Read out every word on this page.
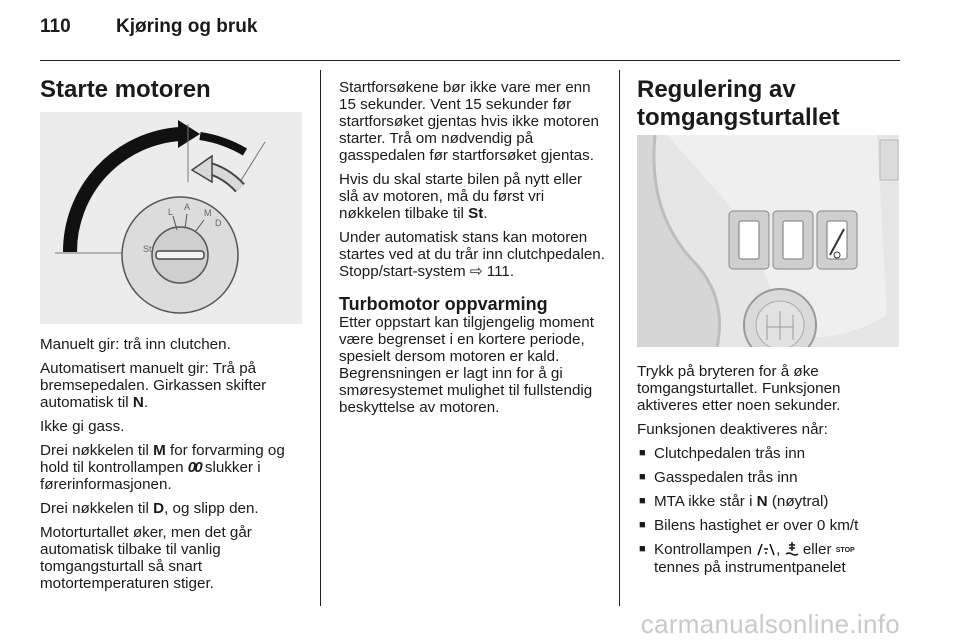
110 Kjøring og bruk
Starte motoren
L A
M
D
St

Manuelt gir: trå inn clutchen.

Automatisert manuelt gir: Trå på bremsepedalen. Girkassen skifter automatisk til N.

Ikke gi gass.

Drei nøkkelen til M for forvarming og hold til kontrollampen 00 slukker i førerinformasjonen.

Drei nøkkelen til D, og slipp den.

Motorturtallet øker, men det går automatisk tilbake til vanlig tomgangsturtall så snart motortemperaturen stiger.

Startforsøkene bør ikke vare mer enn 15 sekunder. Vent 15 sekunder før startforsøket gjentas hvis ikke motoren starter. Trå om nødvendig på gasspedalen før startforsøket gjentas.

Hvis du skal starte bilen på nytt eller slå av motoren, må du først vri nøkkelen tilbake til St.

Under automatisk stans kan motoren startes ved at du trår inn clutchpedalen. Stopp/start-system ⇨ 111.

Turbomotor oppvarming

Etter oppstart kan tilgjengelig moment være begrenset i en kortere periode, spesielt dersom motoren er kald. Begrensningen er lagt inn for å gi smøresystemet mulighet til fullstendig beskyttelse av motoren.

Regulering av
tomgangsturtallet

Trykk på bryteren for å øke tomgangsturtallet. Funksjonen aktiveres etter noen sekunder.

Funksjonen deaktiveres når:

■ Clutchpedalen trås inn
■ Gasspedalen trås inn
■ MTA ikke står i N (nøytral)
■ Bilens hastighet er over 0 km/t
■ Kontrollampen ,  eller STOP tennes på instrumentpanelet
carmanualsonline.info
